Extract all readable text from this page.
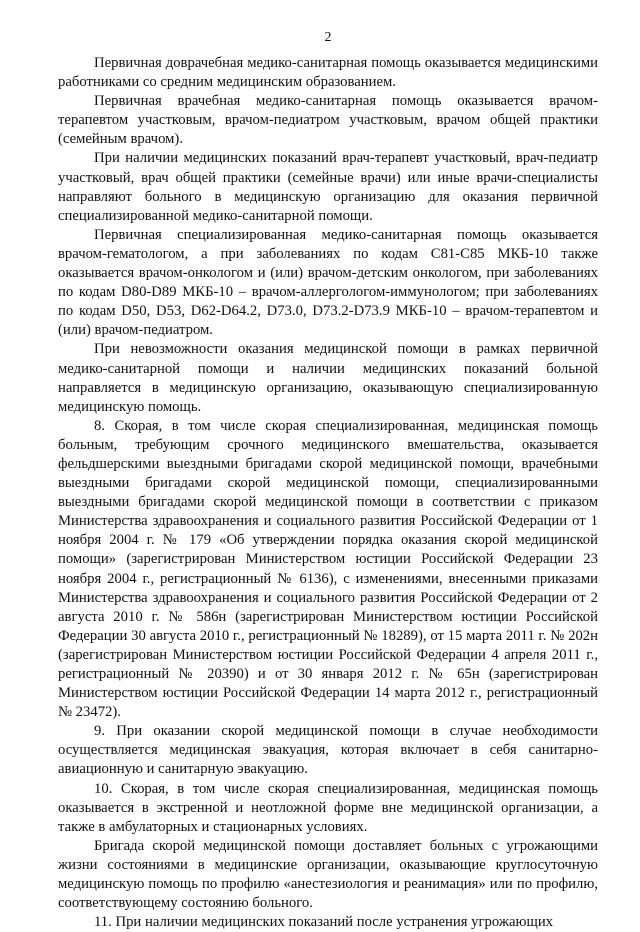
2

Первичная доврачебная медико-санитарная помощь оказывается медицинскими работниками со средним медицинским образованием.

Первичная врачебная медико-санитарная помощь оказывается врачом-терапевтом участковым, врачом-педиатром участковым, врачом общей практики (семейным врачом).

При наличии медицинских показаний врач-терапевт участковый, врач-педиатр участковый, врач общей практики (семейные врачи) или иные врачи-специалисты направляют больного в медицинскую организацию для оказания первичной специализированной медико-санитарной помощи.

Первичная специализированная медико-санитарная помощь оказывается врачом-гематологом, а при заболеваниях по кодам С81-С85 МКБ-10 также оказывается врачом-онкологом и (или) врачом-детским онкологом, при заболеваниях по кодам D80-D89 МКБ-10 – врачом-аллергологом-иммунологом; при заболеваниях по кодам D50, D53, D62-D64.2, D73.0, D73.2-D73.9 МКБ-10 – врачом-терапевтом и (или) врачом-педиатром.

При невозможности оказания медицинской помощи в рамках первичной медико-санитарной помощи и наличии медицинских показаний больной направляется в медицинскую организацию, оказывающую специализированную медицинскую помощь.

8. Скорая, в том числе скорая специализированная, медицинская помощь больным, требующим срочного медицинского вмешательства, оказывается фельдшерскими выездными бригадами скорой медицинской помощи, врачебными выездными бригадами скорой медицинской помощи, специализированными выездными бригадами скорой медицинской помощи в соответствии с приказом Министерства здравоохранения и социального развития Российской Федерации от 1 ноября 2004 г. № 179 «Об утверждении порядка оказания скорой медицинской помощи» (зарегистрирован Министерством юстиции Российской Федерации 23 ноября 2004 г., регистрационный № 6136), с изменениями, внесенными приказами Министерства здравоохранения и социального развития Российской Федерации от 2 августа 2010 г. № 586н (зарегистрирован Министерством юстиции Российской Федерации 30 августа 2010 г., регистрационный № 18289), от 15 марта 2011 г. № 202н (зарегистрирован Министерством юстиции Российской Федерации 4 апреля 2011 г., регистрационный № 20390) и от 30 января 2012 г. № 65н (зарегистрирован Министерством юстиции Российской Федерации 14 марта 2012 г., регистрационный № 23472).

9. При оказании скорой медицинской помощи в случае необходимости осуществляется медицинская эвакуация, которая включает в себя санитарно-авиационную и санитарную эвакуацию.

10. Скорая, в том числе скорая специализированная, медицинская помощь оказывается в экстренной и неотложной форме вне медицинской организации, а также в амбулаторных и стационарных условиях.

Бригада скорой медицинской помощи доставляет больных с угрожающими жизни состояниями в медицинские организации, оказывающие круглосуточную медицинскую помощь по профилю «анестезиология и реанимация» или по профилю, соответствующему состоянию больного.

11. При наличии медицинских показаний после устранения угрожающих
